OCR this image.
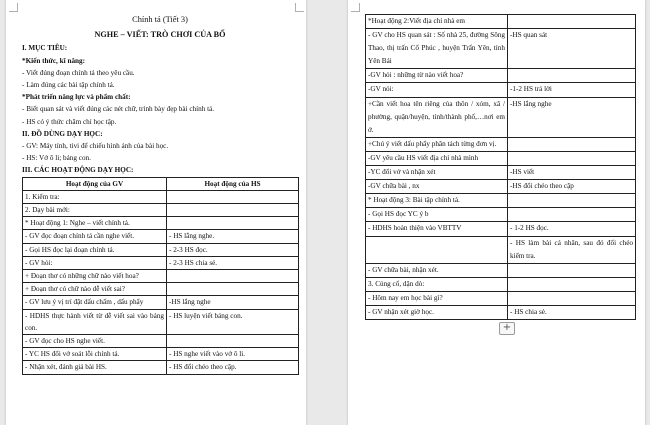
Chính tả (Tiết 3)
NGHE – VIẾT: TRÒ CHƠI CỦA BỐ
I. MỤC TIÊU:
*Kiến thức, kĩ năng:
- Viết đúng đoạn chính tả theo yêu cầu.
- Làm đúng các bài tập chính tả.
*Phát triển năng lực và phẩm chất:
- Biết quan sát và viết đúng các nét chữ, trình bày đẹp bài chính tả.
- HS có ý thức chăm chỉ học tập.
II. ĐỒ DÙNG DẠY HỌC:
- GV: Máy tính, tivi để chiếu hình ảnh của bài học.
- HS: Vở ô li; bảng con.
III. CÁC HOẠT ĐỘNG DẠY HỌC:
Hoạt động của GV	Hoạt động của HS
1. Kiểm tra:	
2. Dạy bài mới:	
* Hoạt động 1: Nghe – viết chính tả.	
- GV đọc đoạn chính tả cần nghe viết.	- HS lắng nghe.
- Gọi HS đọc lại đoạn chính tả.	- 2-3 HS đọc.
- GV hỏi:	- 2-3 HS chia sẻ.
+ Đoạn thơ có những chữ nào viết hoa?	
+ Đoạn thơ có chữ nào dễ viết sai?	
- GV lưu ý vị trí đặt dấu chấm , dấu phẩy	-HS lắng nghe
- HDHS thực hành viết từ dễ viết sai vào bảng con.	- HS luyện viết bảng con.
- GV đọc cho HS nghe viết.	
- YC HS đổi vở soát lỗi chính tả.	- HS nghe viết vào vở ô li.
- Nhận xét, đánh giá bài HS.	- HS đổi chéo theo cặp.
*Hoạt động 2:Viết địa chỉ nhà em	
- GV cho HS quan sát : Số nhà 25, đường Sông Thao, thị trấn Cổ Phúc , huyện Trấn Yên, tỉnh Yên Bái	-HS quan sát
-GV hỏi : những từ nào viết hoa?	
-GV nói:	-1-2 HS trả lời
+Cần viết hoa tên riêng của thôn / xóm, xã / phường, quận/huyện, tỉnh/thành phố,…nơi em ở.	-HS lắng nghe
+Chú ý viết dấu phẩy phân tách từng đơn vị.	
-GV yêu cầu HS viết địa chỉ nhà mình	
-YC đổi vở và nhận xét	-HS viết
-GV chữa bài , nx	-HS đổi chéo theo cặp
* Hoạt động 3: Bài tập chính tả.	
- Gọi HS đọc YC ý b	
- HDHS hoàn thiện vào VBTTV	- 1-2 HS đọc.
	- HS làm bài cá nhân, sau đó đổi chéo kiểm tra.
- GV chữa bài, nhận xét.	
3. Củng cố, dặn dò:	
- Hôm nay em học bài gì?	
- GV nhận xét giờ học.	- HS chia sẻ.
+
